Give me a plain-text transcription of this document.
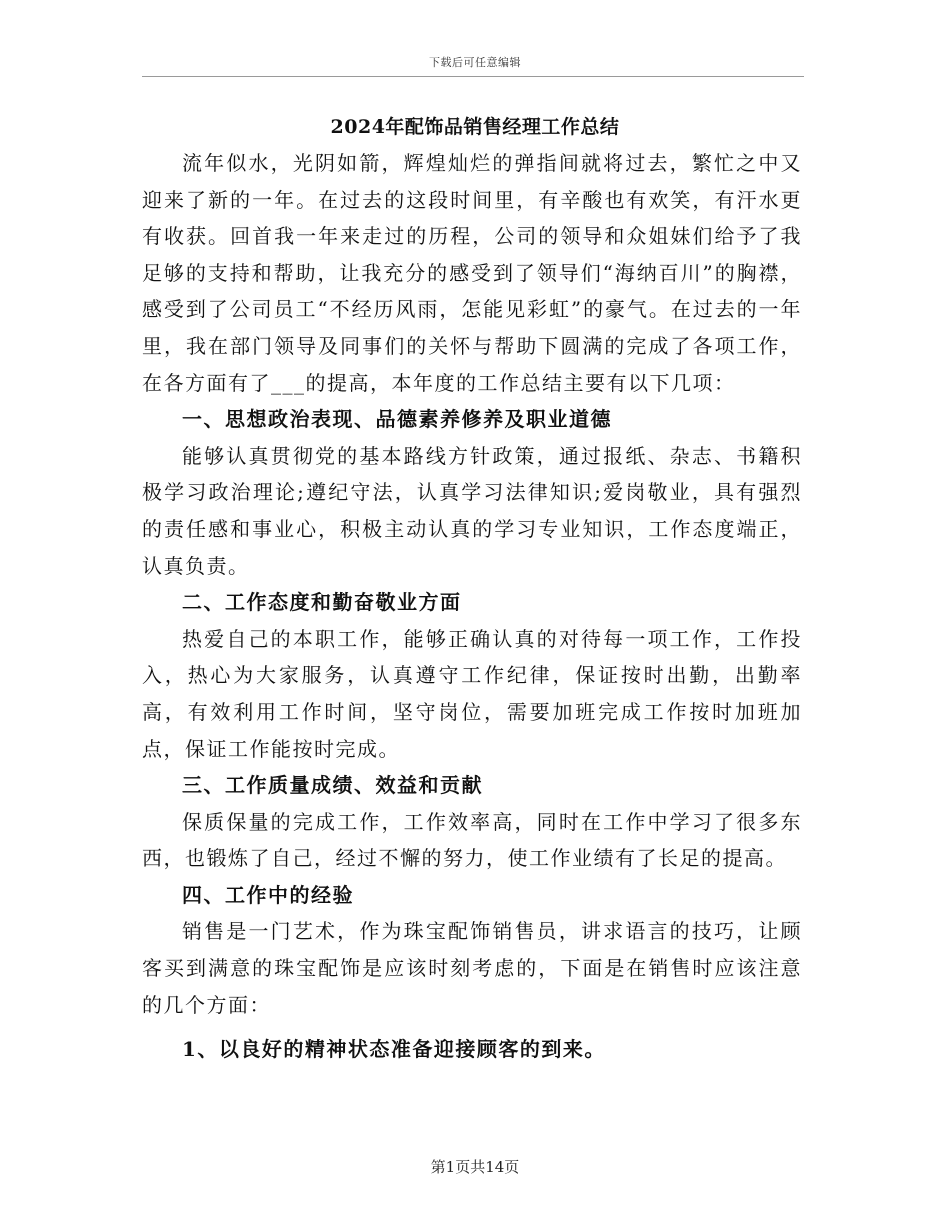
下载后可任意编辑
2024年配饰品销售经理工作总结

流年似水，光阴如箭，辉煌灿烂的弹指间就将过去，繁忙之中又迎来了新的一年。在过去的这段时间里，有辛酸也有欢笑，有汗水更有收获。回首我一年来走过的历程，公司的领导和众姐妹们给予了我足够的支持和帮助，让我充分的感受到了领导们“海纳百川”的胸襟，感受到了公司员工“不经历风雨，怎能见彩虹”的豪气。在过去的一年里，我在部门领导及同事们的关怀与帮助下圆满的完成了各项工作，在各方面有了___的提高，本年度的工作总结主要有以下几项：

一、思想政治表现、品德素养修养及职业道德

能够认真贯彻党的基本路线方针政策，通过报纸、杂志、书籍积极学习政治理论;遵纪守法，认真学习法律知识;爱岗敬业，具有强烈的责任感和事业心，积极主动认真的学习专业知识，工作态度端正，认真负责。

二、工作态度和勤奋敬业方面

热爱自己的本职工作，能够正确认真的对待每一项工作，工作投入，热心为大家服务，认真遵守工作纪律，保证按时出勤，出勤率高，有效利用工作时间，坚守岗位，需要加班完成工作按时加班加点，保证工作能按时完成。

三、工作质量成绩、效益和贡献

保质保量的完成工作，工作效率高，同时在工作中学习了很多东西，也锻炼了自己，经过不懈的努力，使工作业绩有了长足的提高。

四、工作中的经验

销售是一门艺术，作为珠宝配饰销售员，讲求语言的技巧，让顾客买到满意的珠宝配饰是应该时刻考虑的，下面是在销售时应该注意的几个方面：

1、以良好的精神状态准备迎接顾客的到来。

第1页共14页
